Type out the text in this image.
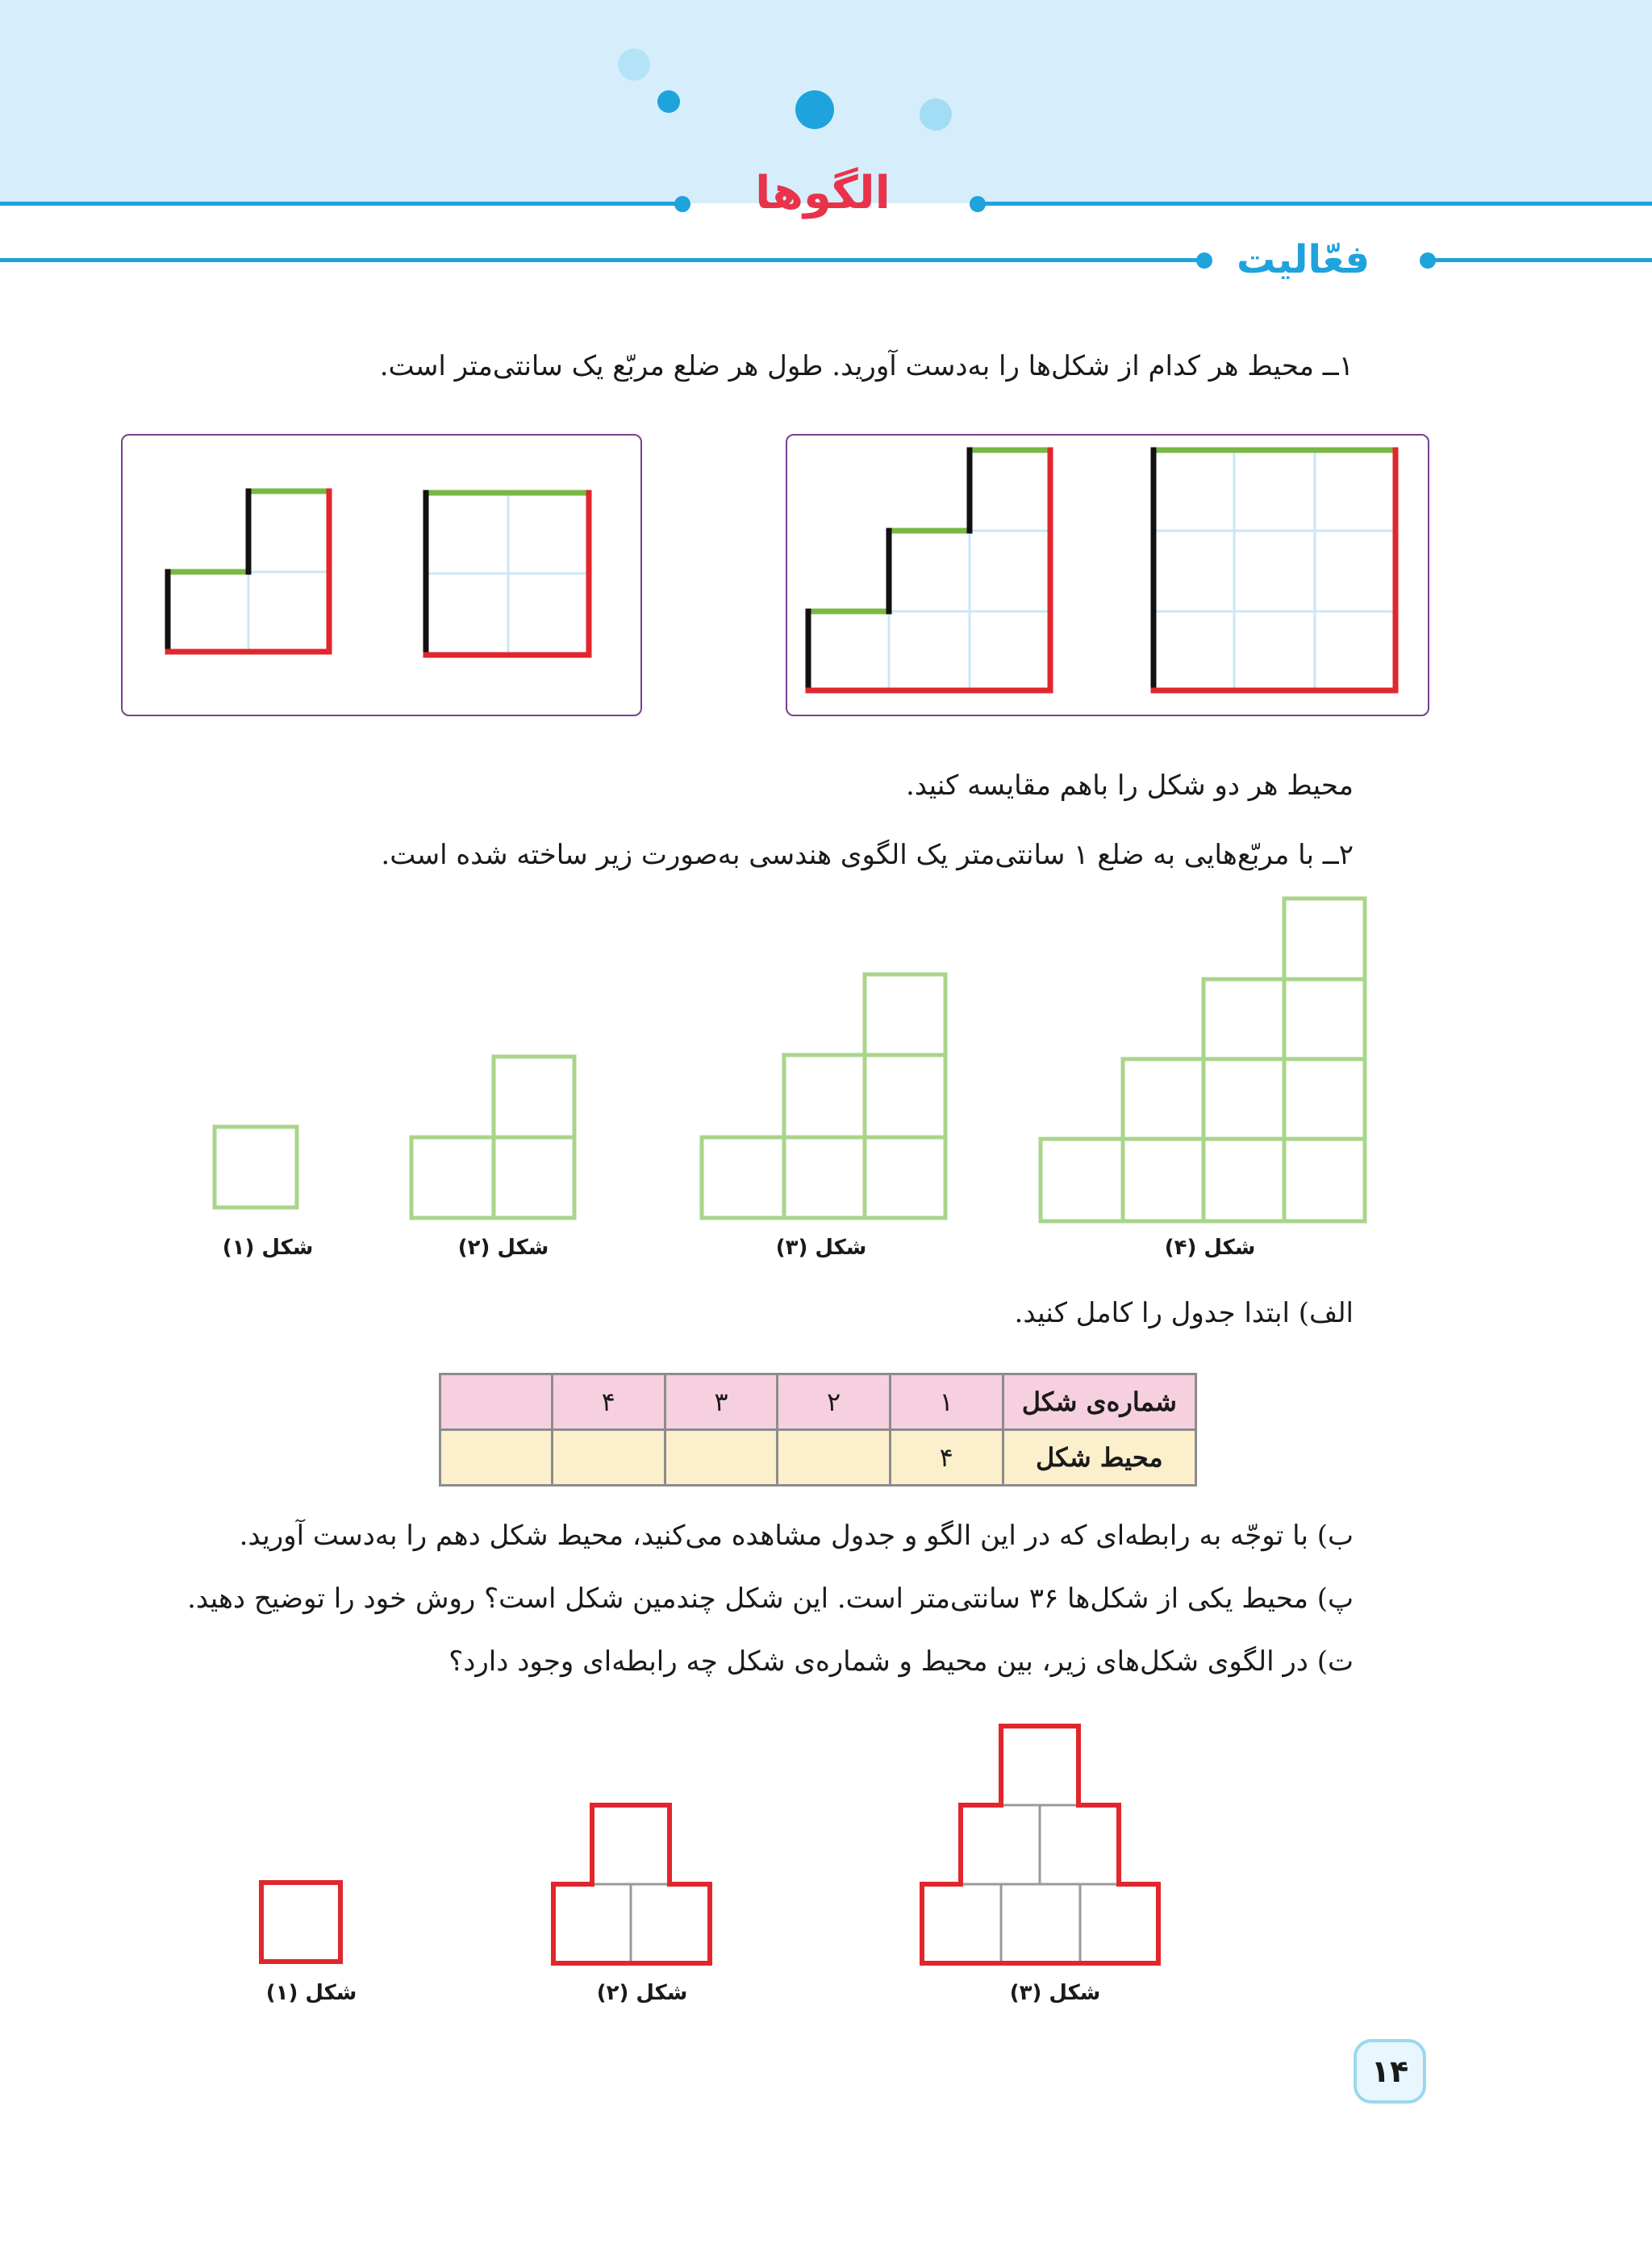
الگوها
فعّالیت
۱ــ محیط هر کدام از شکل‌ها را به‌دست آورید. طول هر ضلع مربّع یک سانتی‌متر است.
محیط هر دو شکل را باهم مقایسه کنید.
۲ــ با مربّع‌هایی به ضلع ۱ سانتی‌متر یک الگوی هندسی به‌صورت زیر ساخته شده است.
شکل (۱)	شکل (۲)	شکل (۳)	شکل (۴)
الف) ابتدا جدول را کامل کنید.
شماره‌ی شکل	۱	۲	۳	۴	
محیط شکل	۴				
ب) با توجّه به رابطه‌ای که در این الگو و جدول مشاهده می‌کنید، محیط شکل دهم را به‌دست آورید.
پ) محیط یکی از شکل‌ها ۳۶ سانتی‌متر است. این شکل چندمین شکل است؟ روش خود را توضیح دهید.
ت) در الگوی شکل‌های زیر، بین محیط و شماره‌ی شکل چه رابطه‌ای وجود دارد؟
شکل (۱)	شکل (۲)	شکل (۳)
۱۴
